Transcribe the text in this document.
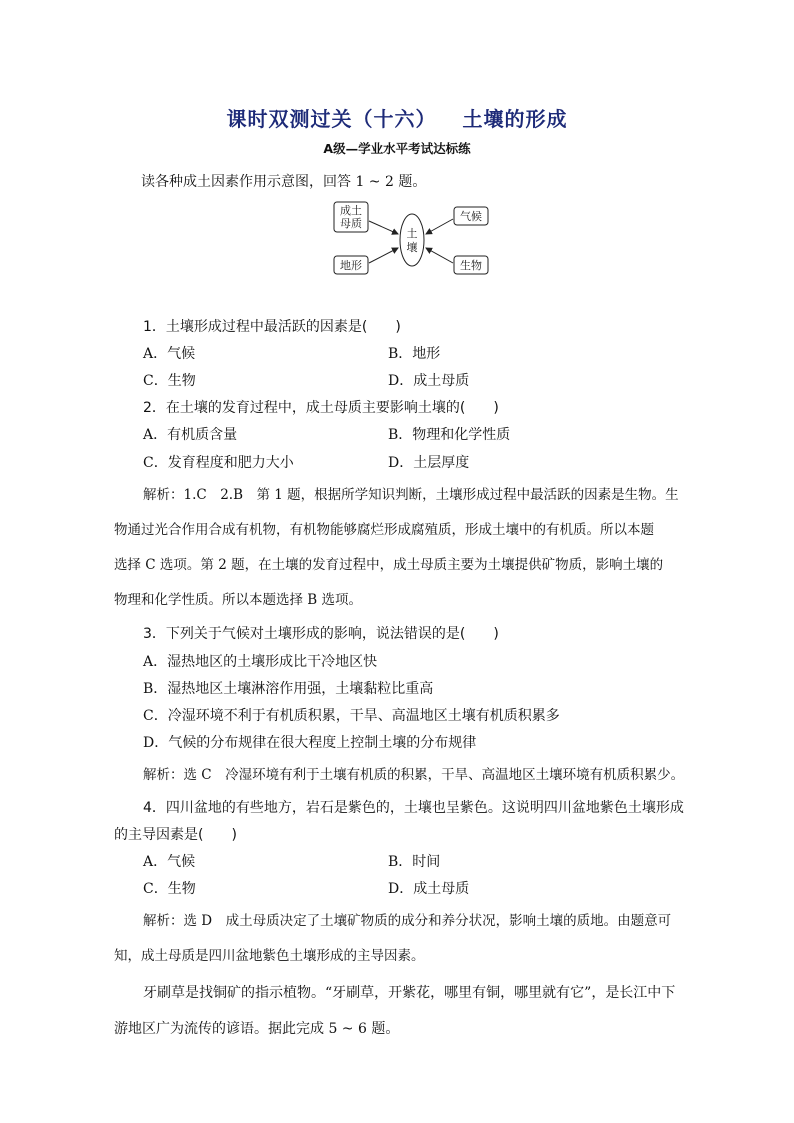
课时双测过关（十六） 土壤的形成
A级—学业水平考试达标练
读各种成土因素作用示意图，回答 1 ~ 2 题。
土
壤
成土
母质
气候
地形	生物
1．土壤形成过程中最活跃的因素是(　　)
A．气候	B．地形
C．生物	D．成土母质
2．在土壤的发育过程中，成土母质主要影响土壤的(　　)
A．有机质含量	B．物理和化学性质
C．发育程度和肥力大小	D．土层厚度
解析：1.C　2.B　第 1 题，根据所学知识判断，土壤形成过程中最活跃的因素是生物。生
物通过光合作用合成有机物，有机物能够腐烂形成腐殖质，形成土壤中的有机质。所以本题
选择 C 选项。第 2 题，在土壤的发育过程中，成土母质主要为土壤提供矿物质，影响土壤的
物理和化学性质。所以本题选择 B 选项。
3．下列关于气候对土壤形成的影响，说法错误的是(　　)
A．湿热地区的土壤形成比干冷地区快
B．湿热地区土壤淋溶作用强，土壤黏粒比重高
C．冷湿环境不利于有机质积累，干旱、高温地区土壤有机质积累多
D．气候的分布规律在很大程度上控制土壤的分布规律
解析：选 C　冷湿环境有利于土壤有机质的积累，干旱、高温地区土壤环境有机质积累少。
4．四川盆地的有些地方，岩石是紫色的，土壤也呈紫色。这说明四川盆地紫色土壤形成
的主导因素是(　　)
A．气候	B．时间
C．生物	D．成土母质
解析：选 D　成土母质决定了土壤矿物质的成分和养分状况，影响土壤的质地。由题意可
知，成土母质是四川盆地紫色土壤形成的主导因素。
牙刷草是找铜矿的指示植物。“牙刷草，开紫花，哪里有铜，哪里就有它”，是长江中下
游地区广为流传的谚语。据此完成 5 ~ 6 题。
